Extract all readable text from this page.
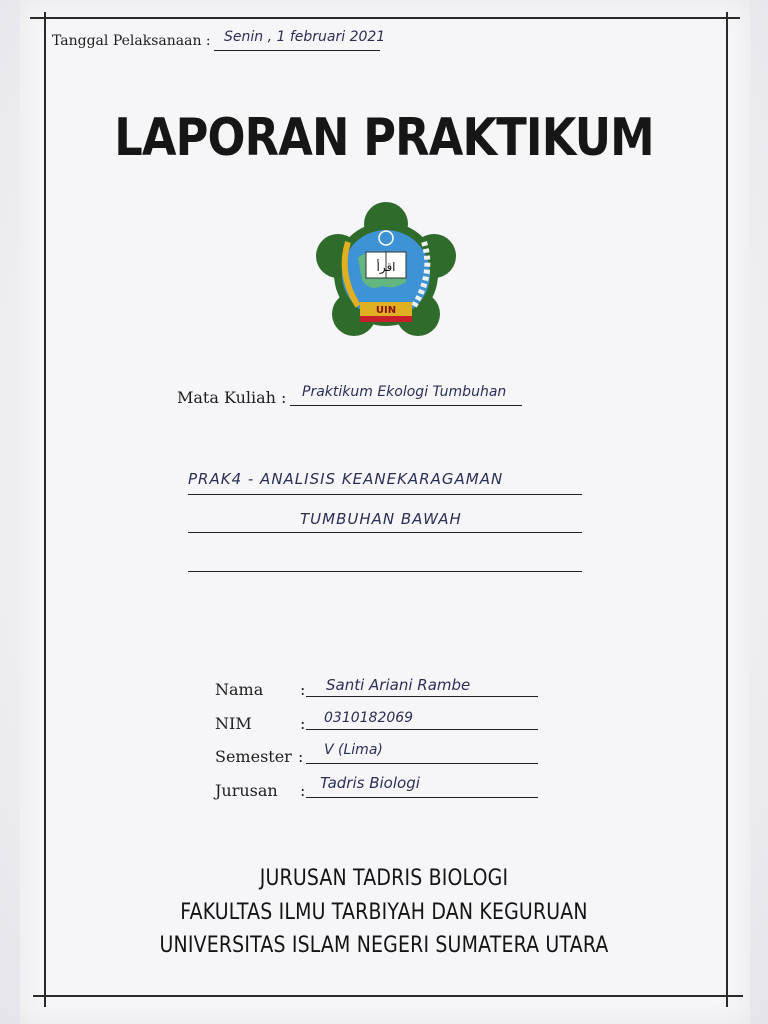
Tanggal Pelaksanaan : Senin , 1 februari 2021
LAPORAN PRAKTIKUM
اقرأ
UIN
Mata Kuliah : Praktikum Ekologi Tumbuhan
PRAK4 - ANALISIS KEANEKARAGAMAN
TUMBUHAN BAWAH
Nama : Santi Ariani Rambe
NIM	: 0310182069
Semester : V (Lima)
Jurusan : Tadris Biologi
JURUSAN TADRIS BIOLOGI
FAKULTAS ILMU TARBIYAH DAN KEGURUAN
UNIVERSITAS ISLAM NEGERI SUMATERA UTARA
